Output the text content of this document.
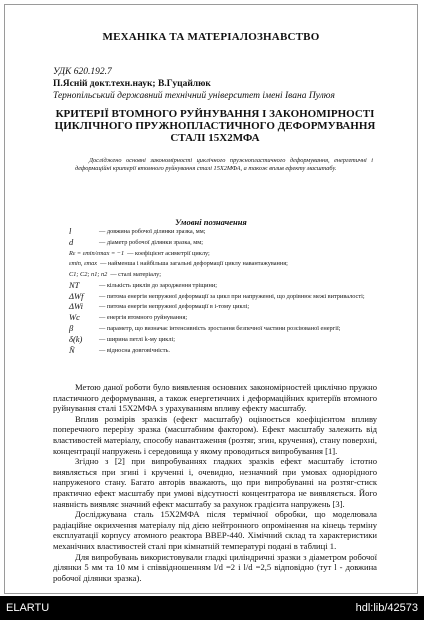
МЕХАНІКА ТА МАТЕРІАЛОЗНАВСТВО
УДК 620.192.7
П.Ясній докт.техн.наук; В.Гуцайлюк
Тернопільський державний технічний університет імені Івана Пулюя
КРИТЕРІЇ ВТОМНОГО РУЙНУВАННЯ І ЗАКОНОМІРНОСТІ
ЦИКЛІЧНОГО ПРУЖНОПЛАСТИЧНОГО ДЕФОРМУВАННЯ
СТАЛІ 15Х2МФА
Досліджено основні закономірності циклічного пружнопластичного деформування, енергетичні і деформаційні критерії втомного руйнування сталі 15Х2МФА, а також вплив ефекту масштабу.
Умовні позначення
l	— довжина робочої ділянки зразка, мм;
d	— діаметр робочої ділянки зразка, мм;
Rε = εmin/εmax = −1 — коефіцієнт асиметрії циклу;
εmin, εmax — найменша і найбільша загальні деформації циклу навантажування;
C1; C2; n1; n2 — сталі матеріалу;
NT	— кількість циклів до зародження тріщини;
ΔWf	— питома енергія непружної деформації за цикл при напруженні, що дорівнює межі витривалості;
ΔWi	— питома енергія непружної деформації в і-тому циклі;
Wc	— енергія втомного руйнування;
β	— параметр, що визначає інтенсивність зростання безпечної частини розсіюваної енергії;
δ(k)	— ширина петлі k-му циклі;
N̄	— відносна довговічність.

Метою даної роботи було виявлення основних закономірностей циклічно пружно пластичного деформування, а також енергетичних і деформаційних критеріїв втомного руйнування сталі 15Х2МФА з урахуванням впливу ефекту масштабу.

Вплив розмірів зразків (ефект масштабу) оцінюється коефіцієнтом впливу поперечного перерізу зразка (масштабним фактором). Ефект масштабу залежить від властивостей матеріалу, способу навантаження (розтяг, згин, кручення), стану поверхні, концентрації напружень і середовища у якому проводиться випробування [1].

Згідно з [2] при випробуваннях гладких зразків ефект масштабу істотно виявляється при згині і крученні і, очевидно, незначний при умовах однорідного напруженого стану. Багато авторів вважають, що при випробуванні на розтяг-стиск практично ефект масштабу при умові відсутності концентратора не виявляється. Його наявність виявляє значний ефект масштабу за рахунок градієнта напружень [3].

Досліджувана сталь 15Х2МФА після термічної обробки, що моделювала радіаційне окрихчення матеріалу під дією нейтронного опромінення на кінець терміну експлуатації корпусу атомного реактора ВВЕР-440. Хімічний склад та характеристики механічних властивостей сталі при кімнатній температурі подані в таблиці 1.

Для випробувань використовували гладкі циліндричні зразки з діаметром робочої ділянки 5 мм та 10 мм і співвідношенням l/d =2 і l/d =2,5 відповідно (тут l - довжина робочої ділянки зразка).

ELARTU	hdl:lib/42573
